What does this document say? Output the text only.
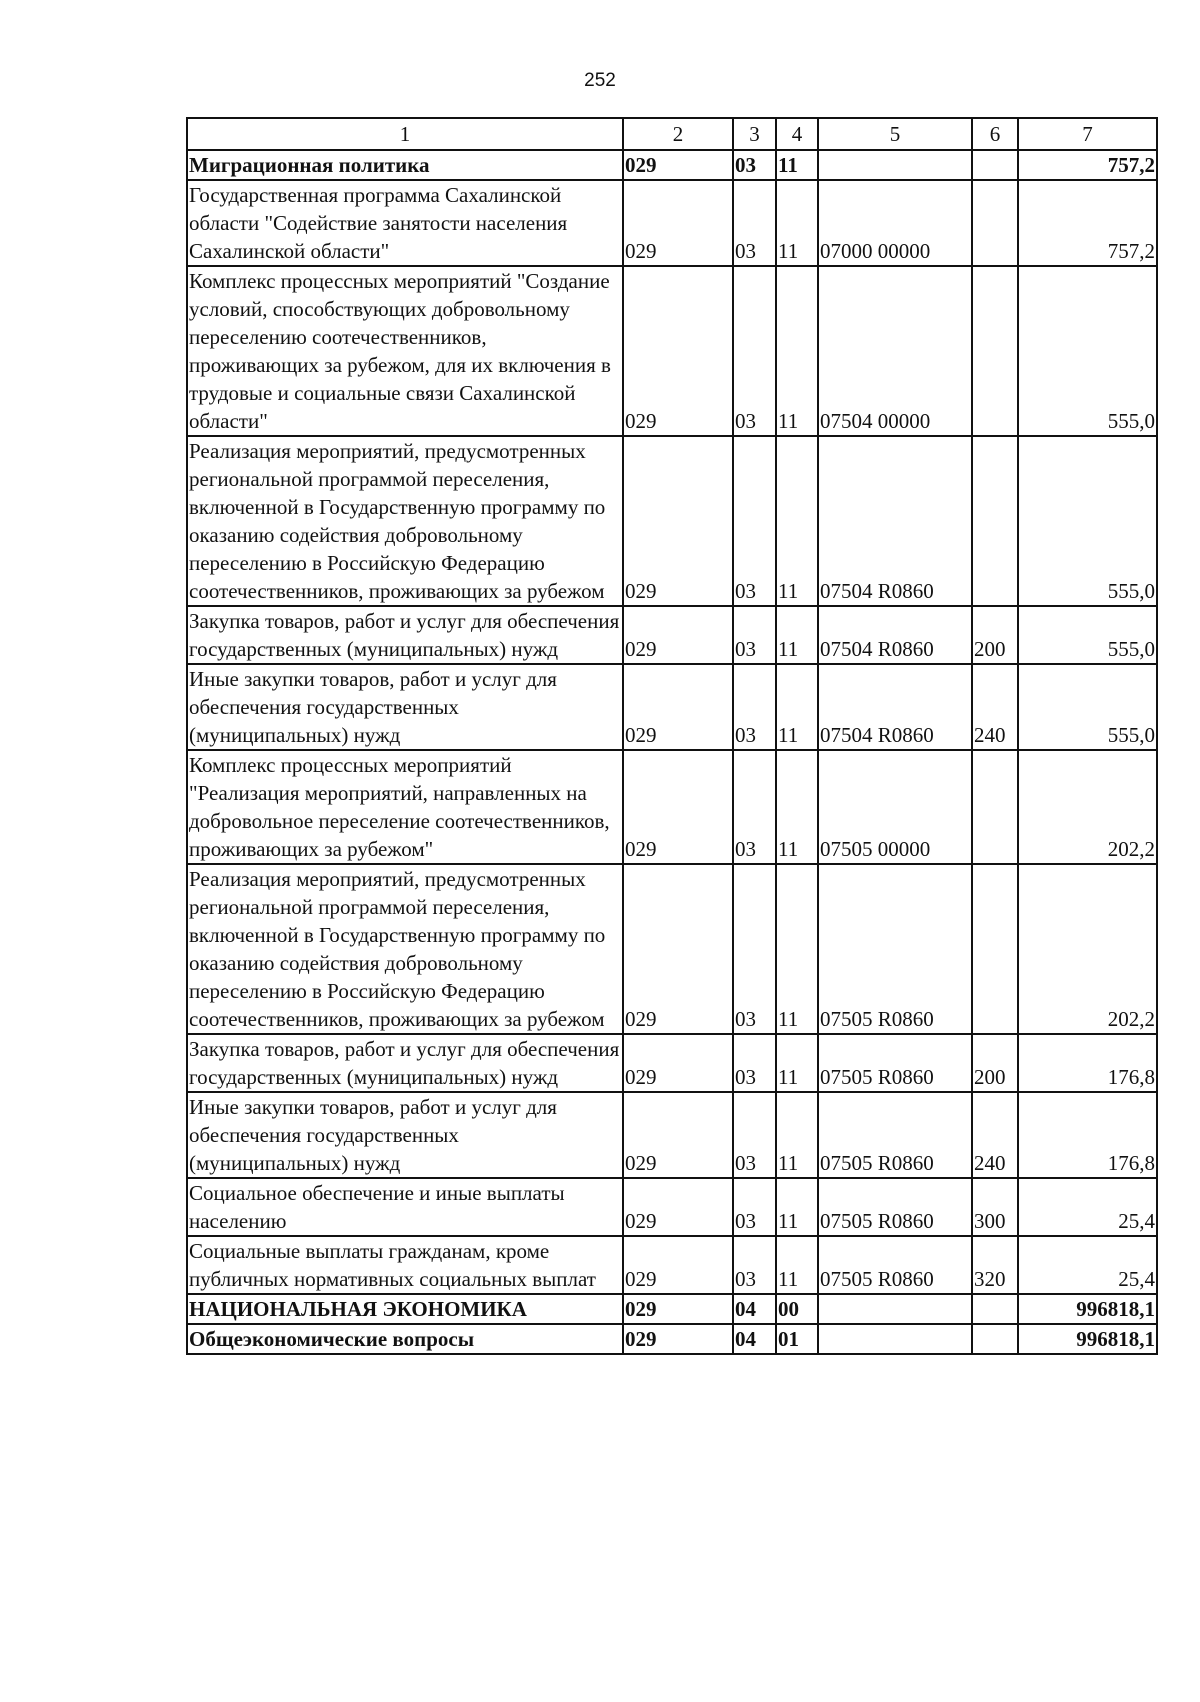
252
1	2	3	4	5	6	7
Миграционная политика	029	03	11			757,2
Государственная программа Сахалинской области "Содействие занятости населения Сахалинской области"	029	03	11	07000 00000		757,2
Комплекс процессных мероприятий "Создание условий, способствующих добровольному переселению соотечественников, проживающих за рубежом, для их включения в трудовые и социальные связи Сахалинской области"	029	03	11	07504 00000		555,0
Реализация мероприятий, предусмотренных региональной программой переселения, включенной в Государственную программу по оказанию содействия добровольному переселению в Российскую Федерацию соотечественников, проживающих за рубежом	029	03	11	07504 R0860		555,0
Закупка товаров, работ и услуг для обеспечения государственных (муниципальных) нужд	029	03	11	07504 R0860	200	555,0
Иные закупки товаров, работ и услуг для обеспечения государственных (муниципальных) нужд	029	03	11	07504 R0860	240	555,0
Комплекс процессных мероприятий "Реализация мероприятий, направленных на добровольное переселение соотечественников, проживающих за рубежом"	029	03	11	07505 00000		202,2
Реализация мероприятий, предусмотренных региональной программой переселения, включенной в Государственную программу по оказанию содействия добровольному переселению в Российскую Федерацию соотечественников, проживающих за рубежом	029	03	11	07505 R0860		202,2
Закупка товаров, работ и услуг для обеспечения государственных (муниципальных) нужд	029	03	11	07505 R0860	200	176,8
Иные закупки товаров, работ и услуг для обеспечения государственных (муниципальных) нужд	029	03	11	07505 R0860	240	176,8
Социальное обеспечение и иные выплаты населению	029	03	11	07505 R0860	300	25,4
Социальные выплаты гражданам, кроме публичных нормативных социальных выплат	029	03	11	07505 R0860	320	25,4
НАЦИОНАЛЬНАЯ ЭКОНОМИКА	029	04	00			996818,1
Общеэкономические вопросы	029	04	01			996818,1
